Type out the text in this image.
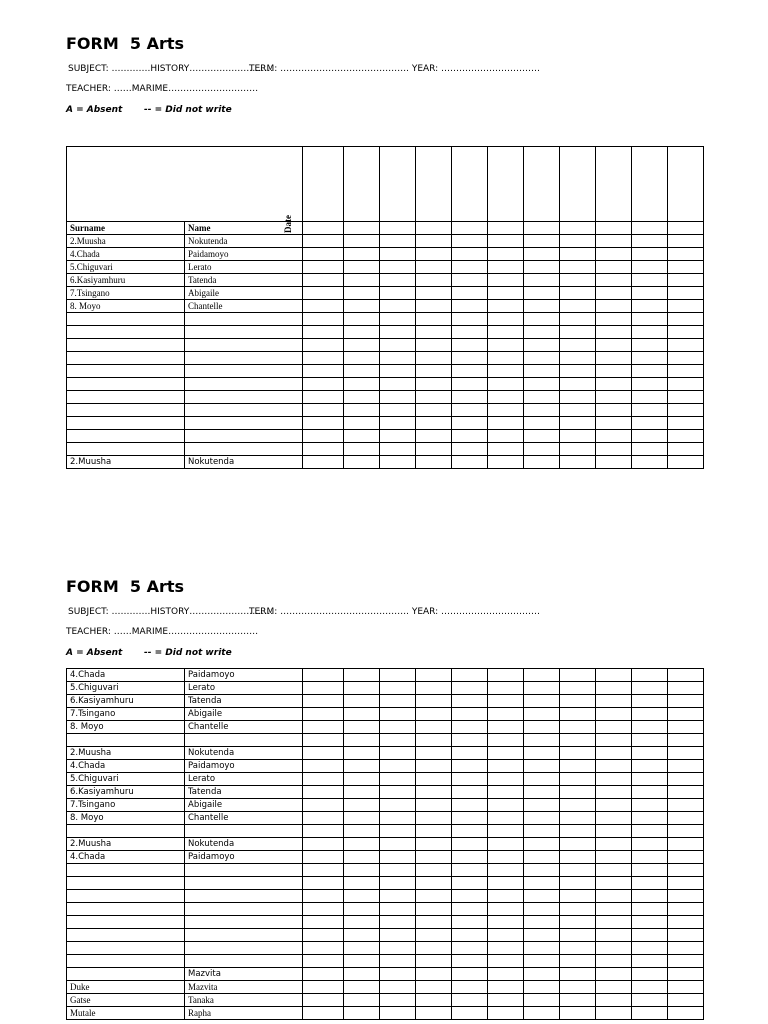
FORM  5 Arts
SUBJECT: ………….HISTORY……………………….
TERM: ……………………………………. YEAR: ……………………………
TEACHER: ……MARIME…………………………
A = Absent -- = Did not write
Date												

Surname	Name											
2.Muusha	Nokutenda											
4.Chada	Paidamoyo											
5.Chiguvari	Lerato											
6.Kasiyamhuru	Tatenda											
7.Tsingano	Abigaile											
8. Moyo	Chantelle											

2.Muusha	Nokutenda											
FORM  5 Arts
SUBJECT: ………….HISTORY……………………….
TERM: ……………………………………. YEAR: ……………………………
TEACHER: ……MARIME…………………………
A = Absent -- = Did not write
4.Chada	Paidamoyo											
5.Chiguvari	Lerato											
6.Kasiyamhuru	Tatenda											
7.Tsingano	Abigaile											
8. Moyo	Chantelle											

2.Muusha	Nokutenda											
4.Chada	Paidamoyo											
5.Chiguvari	Lerato											
6.Kasiyamhuru	Tatenda											
7.Tsingano	Abigaile											
8. Moyo	Chantelle											

2.Muusha	Nokutenda											
4.Chada	Paidamoyo											

	Mazvita											
Duke	Mazvita											
Gatse	Tanaka											
Mutale	Rapha											
